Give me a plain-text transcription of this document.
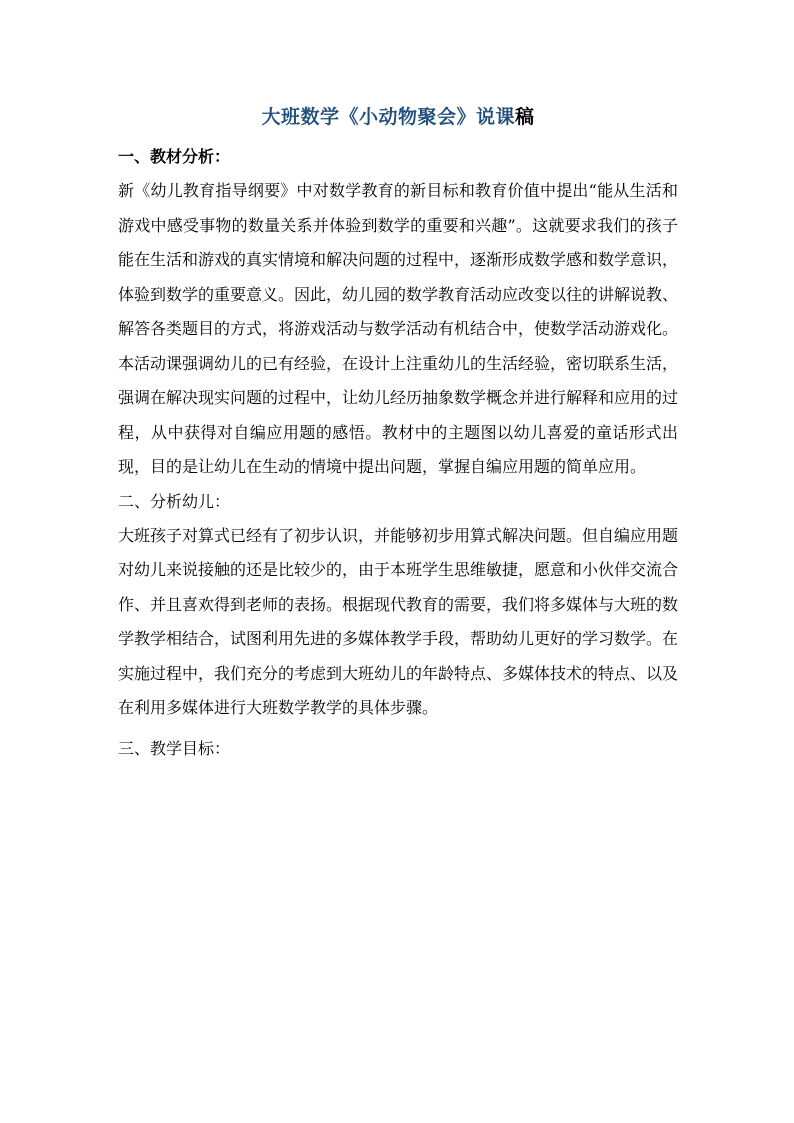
大班数学《小动物聚会》说课稿
一、教材分析：

新《幼儿教育指导纲要》中对数学教育的新目标和教育价值中提出“能从生活和游戏中感受事物的数量关系并体验到数学的重要和兴趣”。这就要求我们的孩子能在生活和游戏的真实情境和解决问题的过程中，逐渐形成数学感和数学意识，体验到数学的重要意义。因此，幼儿园的数学教育活动应改变以往的讲解说教、解答各类题目的方式，将游戏活动与数学活动有机结合中，使数学活动游戏化。

本活动课强调幼儿的已有经验，在设计上注重幼儿的生活经验，密切联系生活，强调在解决现实问题的过程中，让幼儿经历抽象数学概念并进行解释和应用的过程，从中获得对自编应用题的感悟。教材中的主题图以幼儿喜爱的童话形式出现，目的是让幼儿在生动的情境中提出问题，掌握自编应用题的简单应用。

二、分析幼儿：

大班孩子对算式已经有了初步认识，并能够初步用算式解决问题。但自编应用题对幼儿来说接触的还是比较少的，由于本班学生思维敏捷，愿意和小伙伴交流合作、并且喜欢得到老师的表扬。根据现代教育的需要，我们将多媒体与大班的数学教学相结合，试图利用先进的多媒体教学手段，帮助幼儿更好的学习数学。在实施过程中，我们充分的考虑到大班幼儿的年龄特点、多媒体技术的特点、以及在利用多媒体进行大班数学教学的具体步骤。

三、教学目标：
